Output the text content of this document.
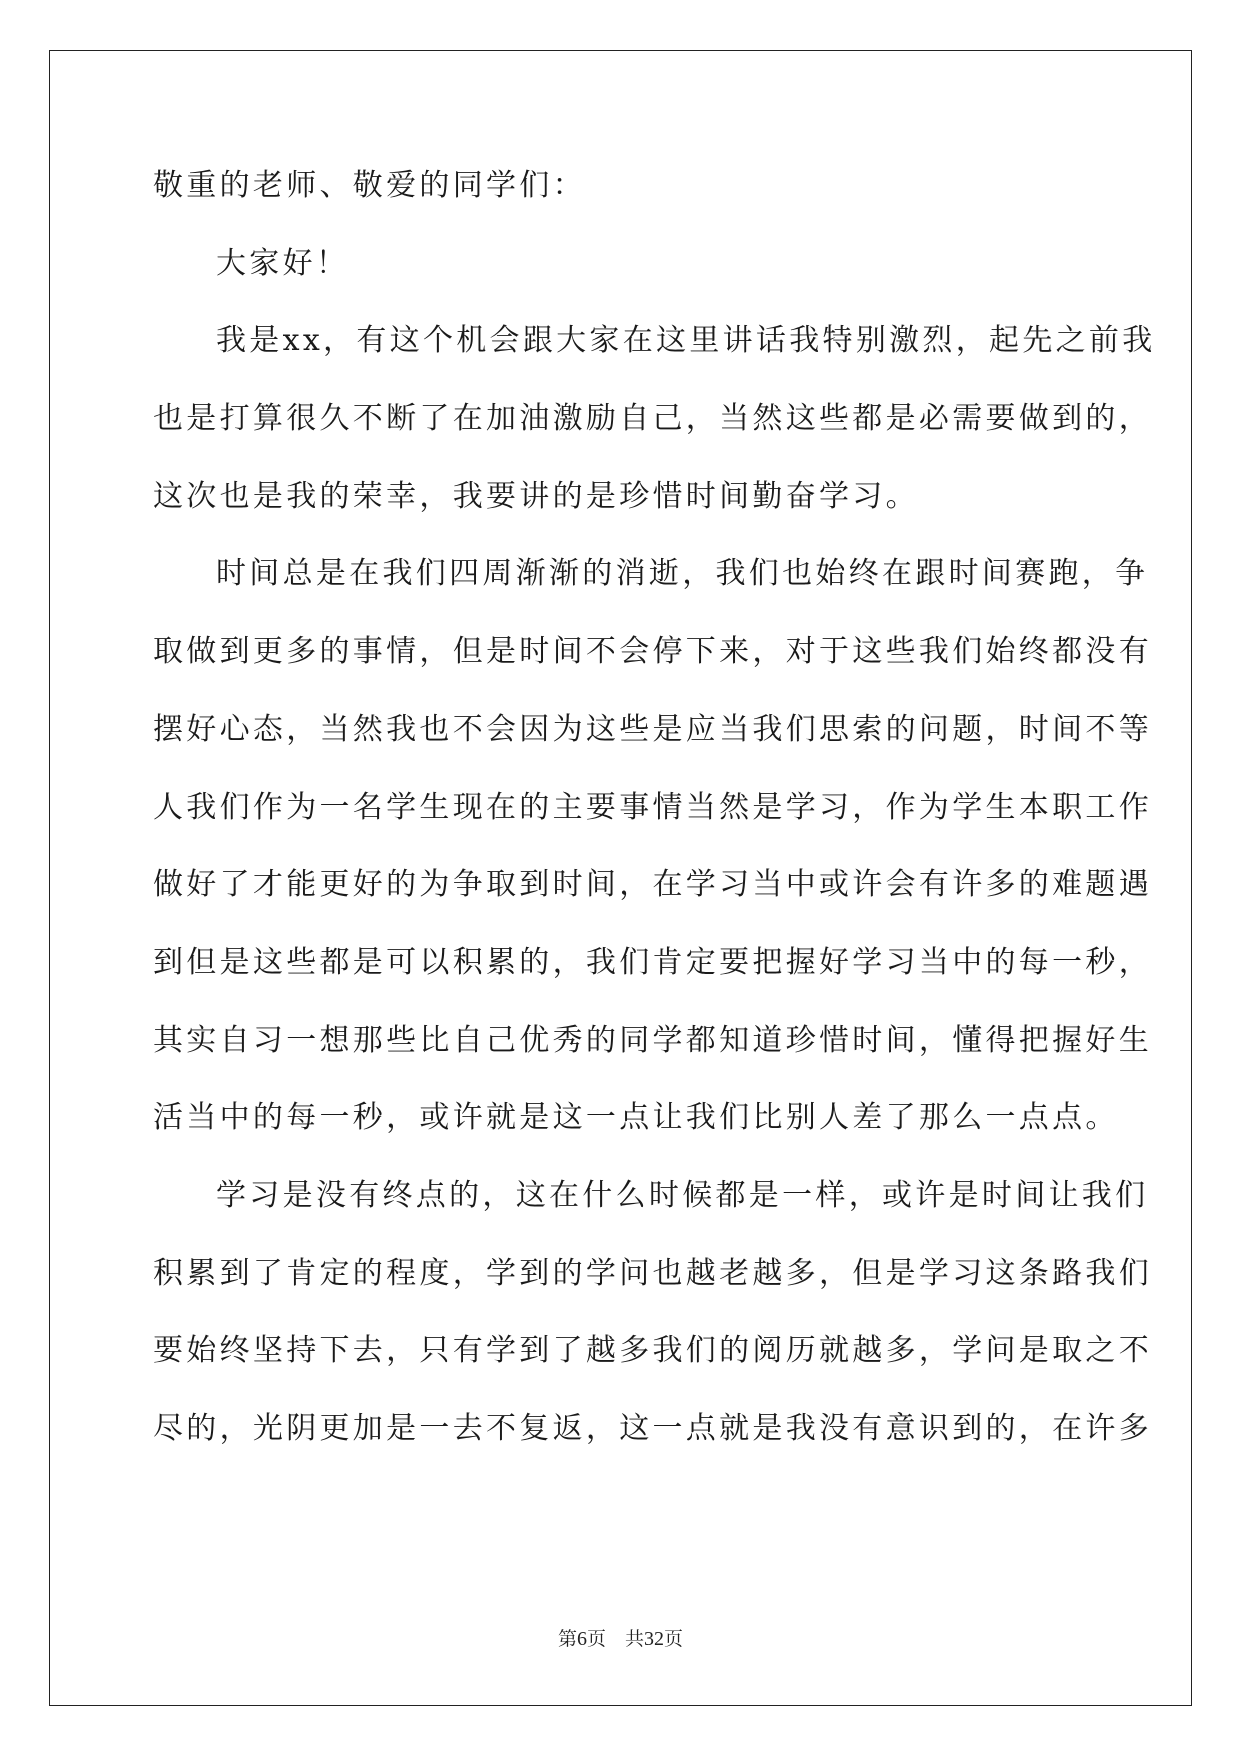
敬重的老师、敬爱的同学们：
大家好！
我是xx，有这个机会跟大家在这里讲话我特别激烈，起先之前我
也是打算很久不断了在加油激励自己，当然这些都是必需要做到的，
这次也是我的荣幸，我要讲的是珍惜时间勤奋学习。
时间总是在我们四周渐渐的消逝，我们也始终在跟时间赛跑，争
取做到更多的事情，但是时间不会停下来，对于这些我们始终都没有
摆好心态，当然我也不会因为这些是应当我们思索的问题，时间不等
人我们作为一名学生现在的主要事情当然是学习，作为学生本职工作
做好了才能更好的为争取到时间，在学习当中或许会有许多的难题遇
到但是这些都是可以积累的，我们肯定要把握好学习当中的每一秒，
其实自习一想那些比自己优秀的同学都知道珍惜时间，懂得把握好生
活当中的每一秒，或许就是这一点让我们比别人差了那么一点点。
学习是没有终点的，这在什么时候都是一样，或许是时间让我们
积累到了肯定的程度，学到的学问也越老越多，但是学习这条路我们
要始终坚持下去，只有学到了越多我们的阅历就越多，学问是取之不
尽的，光阴更加是一去不复返，这一点就是我没有意识到的，在许多
第6页　共32页
